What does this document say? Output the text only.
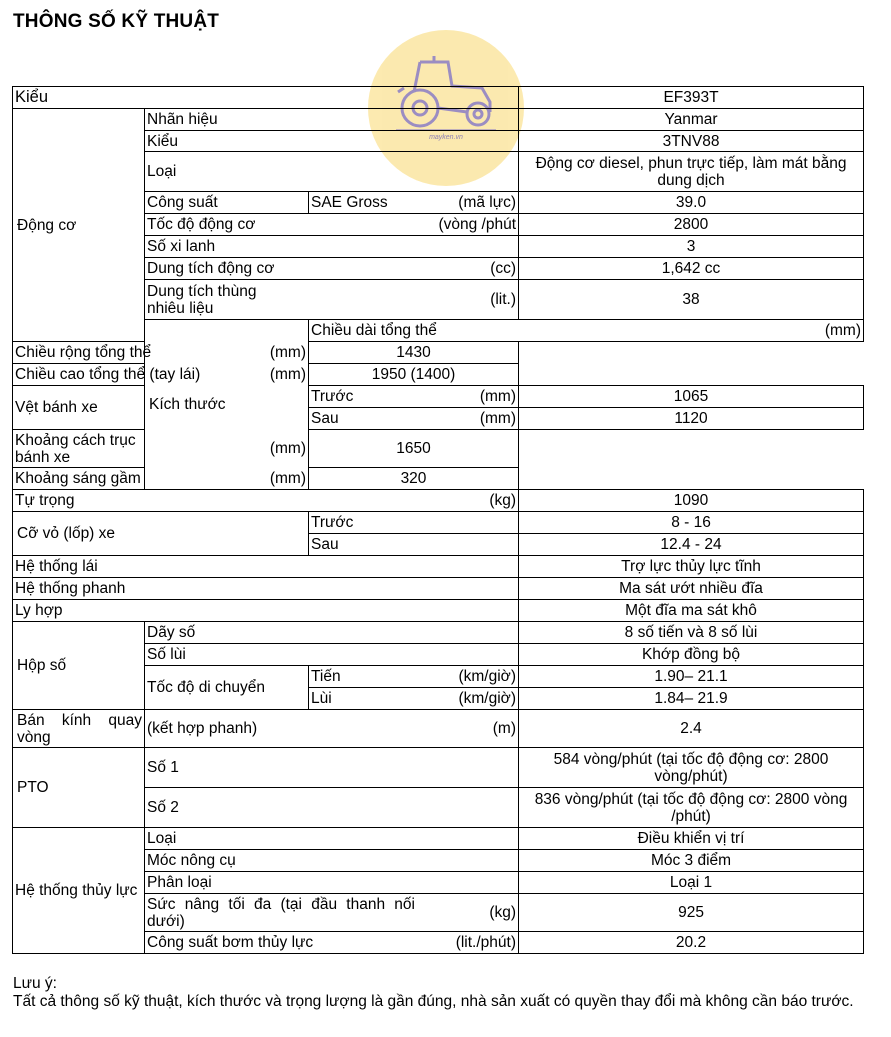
THÔNG SỐ KỸ THUẬT
mayken.vn
Kiểu			EF393T	
Động cơ	Nhãn hiệu		Yanmar	
	Kiểu		3TNV88	
	Loại		Động cơ diesel, phun trực tiếp, làm mát bằng dung dịch	
	Công suất	SAE Gross (mã lực)	39.0	

	Tốc độ động cơ (vòng /phút		2800	
	Số xi lanh		3	

	Dung tích động cơ (cc)		1,642 cc	

	Dung tích thùng nhiêu liệu (lit.)		38	
	Kích thước	Chiều dài tổng thể (mm)

Chiều rộng tổng thể (mm)		1430		

Chiều cao tổng thể (tay lái) (mm)		1950 (1400)		
Vệt bánh xe		Trước (mm)	1065	

		Sau (mm)	1120	

Khoảng cách trục bánh xe (mm)		1650		

Khoảng sáng gầm (mm)		320		

Tự trọng (kg)			1090	
Cỡ vỏ (lốp) xe		Trước	8 - 16	
		Sau	12.4 - 24	
Hệ thống lái			Trợ lực thủy lực tĩnh	
Hệ thống phanh			Ma sát ướt nhiều đĩa	
Ly hợp			Một đĩa ma sát khô	
Hộp số	Dãy số		8 số tiến và 8 số lùi	
	Số lùi		Khớp đồng bộ	
	Tốc độ di chuyển	Tiến (km/giờ)	1.90– 21.1	

		Lùi (km/giờ)	1.84– 21.9	
Bán kính quay vòng	(kết hợp phanh) (m)		2.4	
PTO	Số 1		584 vòng/phút (tại tốc độ động cơ: 2800 vòng/phút)	
	Số 2		836 vòng/phút (tại tốc độ động cơ: 2800 vòng /phút)	
Hệ thống thủy lực	Loại		Điều khiển vị trí	
	Móc nông cụ		Móc 3 điểm	
	Phân loại		Loại 1	

	Sức nâng tối đa (tại đầu thanh nối dưới) (kg)		925	

	Công suất bơm thủy lực (lit./phút)		20.2	
Lưu ý:
Tất cả thông số kỹ thuật, kích thước và trọng lượng là gần đúng, nhà sản xuất có quyền thay đổi mà không cần báo trước.
